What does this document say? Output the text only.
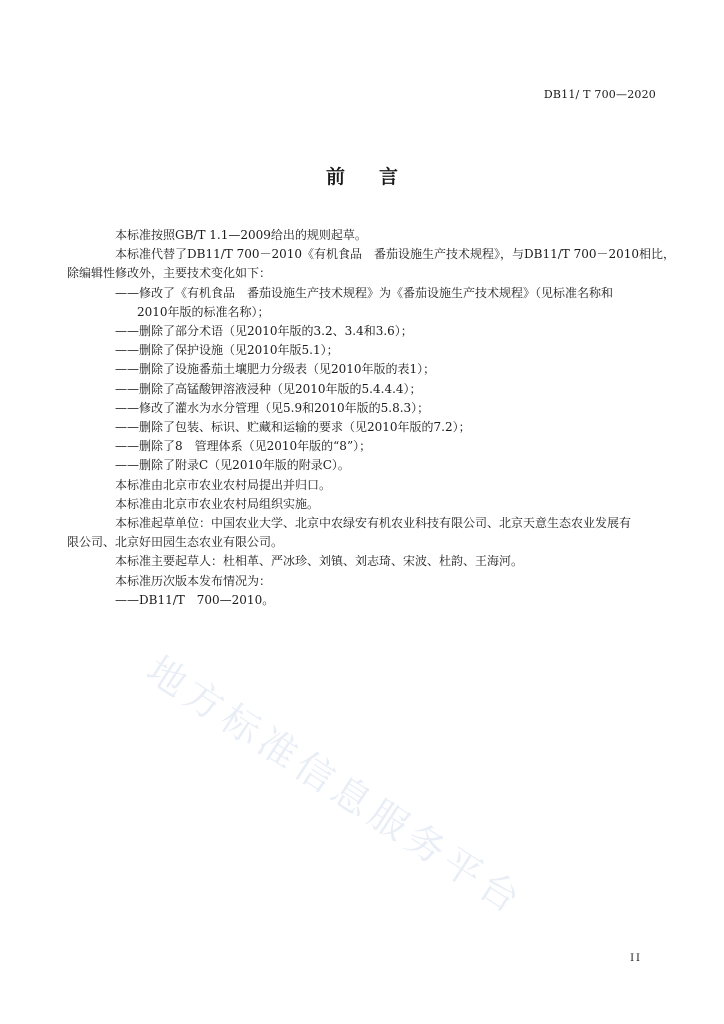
DB11/ T 700—2020
前言

本标准按照GB/T 1.1—2009给出的规则起草。

本标准代替了DB11/T 700－2010《有机食品　番茄设施生产技术规程》，与DB11/T 700－2010相比，

除编辑性修改外，主要技术变化如下：

——修改了《有机食品　番茄设施生产技术规程》为《番茄设施生产技术规程》（见标准名称和

2010年版的标准名称）；

——删除了部分术语（见2010年版的3.2、3.4和3.6）；

——删除了保护设施（见2010年版5.1）；

——删除了设施番茄土壤肥力分级表（见2010年版的表1）；

——删除了高锰酸钾溶液浸种（见2010年版的5.4.4.4）；

——修改了灌水为水分管理（见5.9和2010年版的5.8.3）；

——删除了包装、标识、贮藏和运输的要求（见2010年版的7.2）；

——删除了8　管理体系（见2010年版的“8”）；

——删除了附录C（见2010年版的附录C）。

本标准由北京市农业农村局提出并归口。

本标准由北京市农业农村局组织实施。

本标准起草单位：中国农业大学、北京中农绿安有机农业科技有限公司、北京天意生态农业发展有

限公司、北京好田园生态农业有限公司。

本标准主要起草人：杜相革、严冰珍、刘镇、刘志琦、宋波、杜韵、王海河。

本标准历次版本发布情况为：

——DB11/T　700—2010。

地方标准信息服务平台
II
